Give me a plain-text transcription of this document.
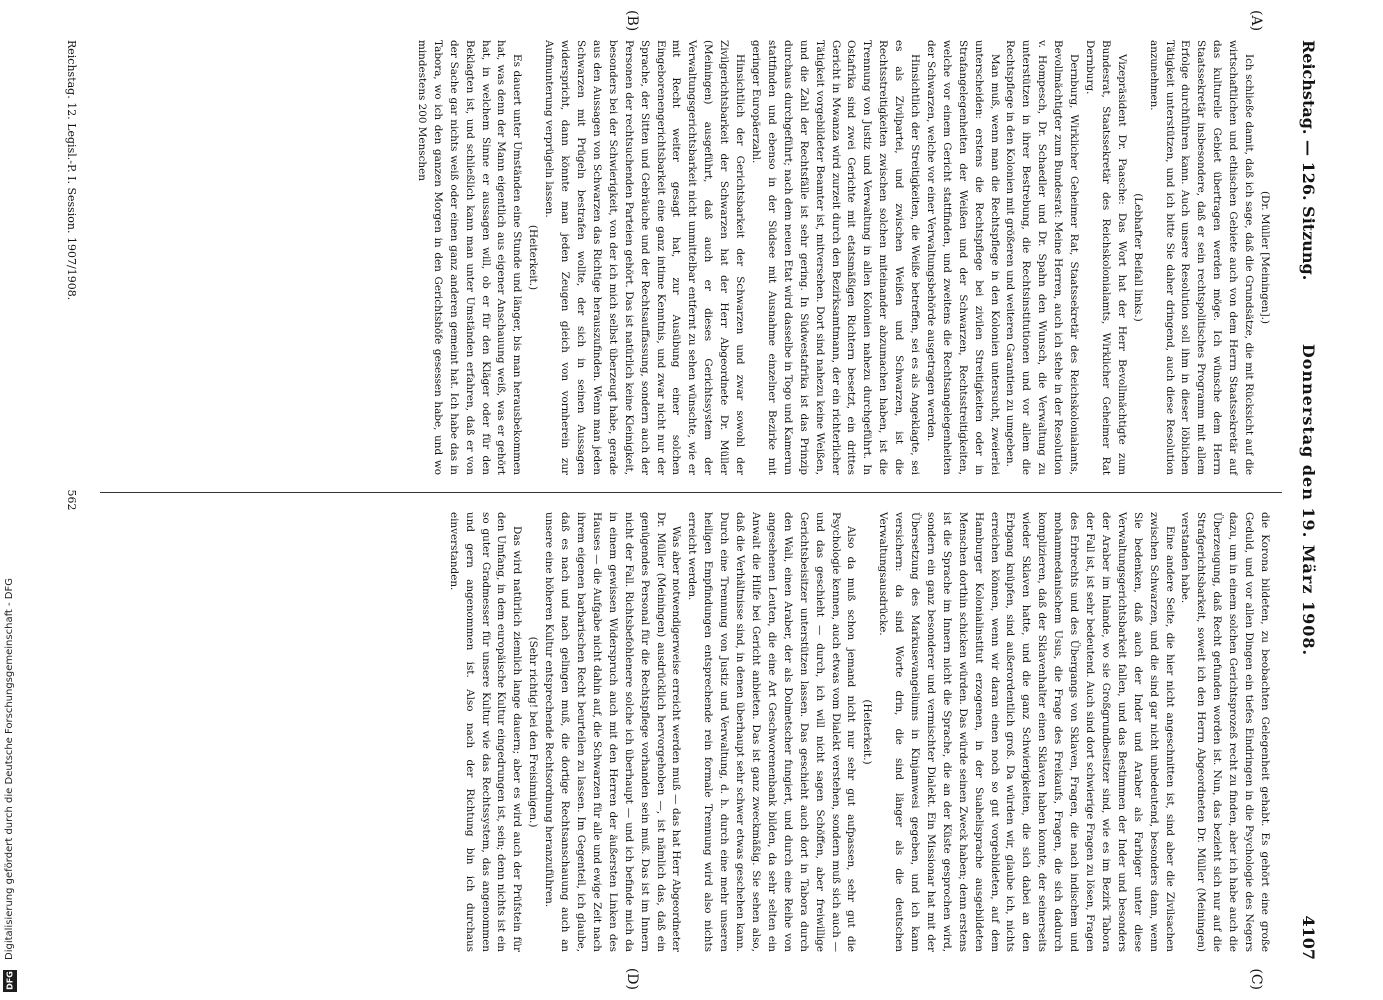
Digitalisierung gefördert durch die Deutsche Forschungsgemeinschaft - DFG
DFG
Reichstag. — 126. Sitzung.
Donnerstag den 19. März 1908.
4107
(A)
(B)
(C)
(D)

(Dr. Müller [Meiningen].)

Ich schließe damit, daß ich sage, daß die Grundsätze, die mit Rücksicht auf die wirtschaftlichen und ethischen Gebiete auch von dem Herrn Staatssekretär auf das kulturelle Gebiet übertragen werden möge. Ich wünsche dem Herrn Staatssekretär insbesondere, daß er sein rechtspolitisches Programm mit allem Erfolge durchführen kann. Auch unsere Resolution soll ihm in dieser löblichen Tätigkeit unterstützen, und ich bitte Sie daher dringend, auch diese Resolution anzunehmen.

(Lebhafter Beifall links.)

Vizepräsident Dr. Paasche: Das Wort hat der Herr Bevollmächtigte zum Bundesrat, Staatssekretär des Reichskolonialamts, Wirklicher Geheimer Rat Dernburg.

Dernburg, Wirklicher Geheimer Rat, Staatssekretär des Reichskolonialamts, Bevollmächtigter zum Bundesrat: Meine Herren, auch ich stehe in der Resolution v. Hompesch, Dr. Schaedler und Dr. Spahn den Wunsch, die Verwaltung zu unterstützen in ihrer Bestrebung, die Rechtsinstitutionen und vor allem die Rechtspflege in den Kolonien mit größeren und weiteren Garantien zu umgeben.

Man muß, wenn man die Rechtspflege in den Kolonien untersucht, zweierlei unterscheiden: erstens die Rechtspflege bei zivilen Streitigkeiten oder in Strafangelegenheiten der Weißen und der Schwarzen, Rechtsstreitigkeiten, welche vor einem Gericht stattfinden, und zweitens die Rechtsangelegenheiten der Schwarzen, welche vor einer Verwaltungsbehörde ausgetragen werden.

Hinsichtlich der Streitigkeiten, die Weiße betreffen, sei es als Angeklagte, sei es als Zivilpartei, und zwischen Weißen und Schwarzen, ist die Rechtsstreitigkeiten zwischen solchen miteinander abzumachen haben, ist die Trennung von Justiz und Verwaltung in allen Kolonien nahezu durchgeführt. In Ostafrika sind zwei Gerichte mit etatsmäßigen Richtern besetzt, ein drittes Gericht in Mwanza wird zurzeit durch den Bezirksamtmann, der ein richterlicher Tätigkeit vorgebildeter Beamter ist, mitversehen. Dort sind nahezu keine Weißen, und die Zahl der Rechtsfälle ist sehr gering. In Südwestafrika ist das Prinzip durchaus durchgeführt; nach dem neuen Etat wird dasselbe in Togo und Kamerun stattfinden und ebenso in der Südsee mit Ausnahme einzelner Bezirke mit geringer Europäerzahl.

Hinsichtlich der Gerichtsbarkeit der Schwarzen und zwar sowohl der Zivilgerichtsbarkeit der Schwarzen hat der Herr Abgeordnete Dr. Müller (Meiningen) ausgeführt, daß auch er dieses Gerichtssystem der Verwaltungsgerichtsbarkeit nicht unmittelbar entfernt zu sehen wünschte, wie er mit Recht weiter gesagt hat, zur Ausübung einer solchen Eingeborenengerichtsbarkeit eine ganz intime Kenntnis, und zwar nicht nur der Sprache, der Sitten und Gebräuche und der Rechtsauffassung, sondern auch der Personen der rechtsuchenden Parteien gehört. Das ist natürlich keine Kleinigkeit, besonders bei der Schwierigkeit, von der ich mich selbst überzeugt habe, gerade aus den Aussagen von Schwarzen das Richtige herauszufinden. Wenn man jeden Schwarzen mit Prügeln bestrafen wollte, der sich in seinen Aussagen widerspricht, dann könnte man jeden Zeugen gleich von vornherein zur Aufmunterung verprügeln lassen.

(Heiterkeit.)

Es dauert unter Umständen eine Stunde und länger, bis man herausbekommen hat, was denn der Mann eigentlich aus eigener Anschauung weiß, was er gehört hat, in welchem Sinne er aussagen will, ob er für den Kläger oder für den Beklagten ist, und schließlich kann man unter Umständen erfahren, daß er von der Sache gar nichts weiß oder einen ganz anderen gemeint hat. Ich habe das in Tabora, wo ich den ganzen Morgen in den Gerichtshöfe gesessen habe, und wo mindestens 200 Menschen

die Korona bildeten, zu beobachten Gelegenheit gehabt. Es gehört eine große Geduld, und vor allen Dingen ein tiefes Eindringen in die Psychologie des Negers dazu, um in einem solchen Gerichtsprozeß recht zu finden, aber ich habe auch die Überzeugung, daß Recht gefunden worden ist. Nun, das bezieht sich nur auf die Strafgerichtsbarkeit, soweit ich den Herrn Abgeordneten Dr. Müller (Meiningen) verstanden habe.

Eine andere Seite, die hier nicht angeschnitten ist, sind aber die Zivilsachen zwischen Schwarzen, und die sind gar nicht unbedeutend, besonders dann, wenn Sie bedenken, daß auch der Inder und Araber als Farbiger unter diese Verwaltungsgerichtsbarkeit fallen, und das Bestimmen der Inder und besonders der Araber im Inlande, wo sie Großgrundbesitzer sind, wie es im Bezirk Tabora der Fall ist, ist sehr bedeutend. Auch sind dort schwierige Fragen zu lösen, Fragen des Erbrechts und des Übergangs von Sklaven, Fragen, die nach indischem und mohammedanischem Usus, die Frage des Freikaufs, Fragen, die sich dadurch komplizieren, daß der Sklavenhalter einen Sklaven haben konnte, der seinerseits wieder Sklaven hatte, und die ganz Schwierigkeiten, die sich dabei an den Erbgang knüpfen, sind außerordentlich groß. Da würden wir, glaube ich, nichts erreichen können, wenn wir daran einen noch so gut vorgebildeten, auf dem Hamburger Kolonialinstitut erzogenen, in der Suahelisprache ausgebildeten Menschen dorthin schicken würden. Das würde seinen Zweck haben; denn erstens ist die Sprache im Innern nicht die Sprache, die an der Küste gesprochen wird, sondern ein ganz besonderer und vermischter Dialekt. Ein Missionar hat mit der Übersetzung des Markusevangeliums in Kinjamwesi gegeben, und ich kann versichern: da sind Worte drin, die sind länger als die deutschen Verwaltungsausdrücke.

(Heiterkeit.)

Also da muß schon jemand nicht nur sehr gut aufpassen, sehr gut die Psychologie kennen, auch etwas vom Dialekt verstehen, sondern muß sich auch — und das geschieht — durch, ich will nicht sagen Schöffen, aber freiwillige Gerichtsbeisitzer unterstützen lassen. Das geschieht auch dort in Tabora durch den Wali, einen Araber, der als Dolmetscher fungiert, und durch eine Reihe von angesehenen Leuten, die eine Art Geschworenenbank bilden, da sehr selten ein Anwalt die Hilfe bei Gericht anbieten. Das ist ganz zweckmäßig. Sie sehen also, daß die Verhältnisse sind, in denen überhaupt sehr schwer etwas geschehen kann. Durch eine Trennung von Justiz und Verwaltung, d. h. durch eine mehr unseren heiligen Empfindungen entsprechende rein formale Trennung wird also nichts erreicht werden.

Was aber notwendigerweise erreicht werden muß — das hat Herr Abgeordneter Dr. Müller (Meiningen) ausdrücklich hervorgehoben —, ist nämlich das, daß ein genügendes Personal für die Rechtspflege vorhanden sein muß. Das ist im Innern nicht der Fall. Richtsbefohlenere solche ich überhaupt — und ich befinde mich da in einem gewissen Widerspruch auch mit den Herren der äußersten Linken des Hauses — die Aufgabe nicht dahin auf, die Schwarzen für alle und ewige Zeit nach ihrem eigenen barbarischen Recht beurteilen zu lassen. Im Gegenteil, ich glaube, daß es nach und nach gelingen muß, die dortige Rechtsanschauung auch an unsere eine höheren Kultur entsprechende Rechtsordnung heranzuführen.

(Sehr richtig! bei den Freisinnigen.)

Das wird natürlich ziemlich lange dauern; aber es wird auch der Prüfstein für den Umfang, in dem europäische Kultur eingedrungen ist, sein; denn nichts ist ein so guter Gradmesser für unsere Kultur wie das Rechtssystem, das angenommen und gern angenommen ist. Also nach der Richtung bin ich durchaus einverstanden.

Reichstag. 12. Legisl.-P. I. Session. 1907/1908.
562
